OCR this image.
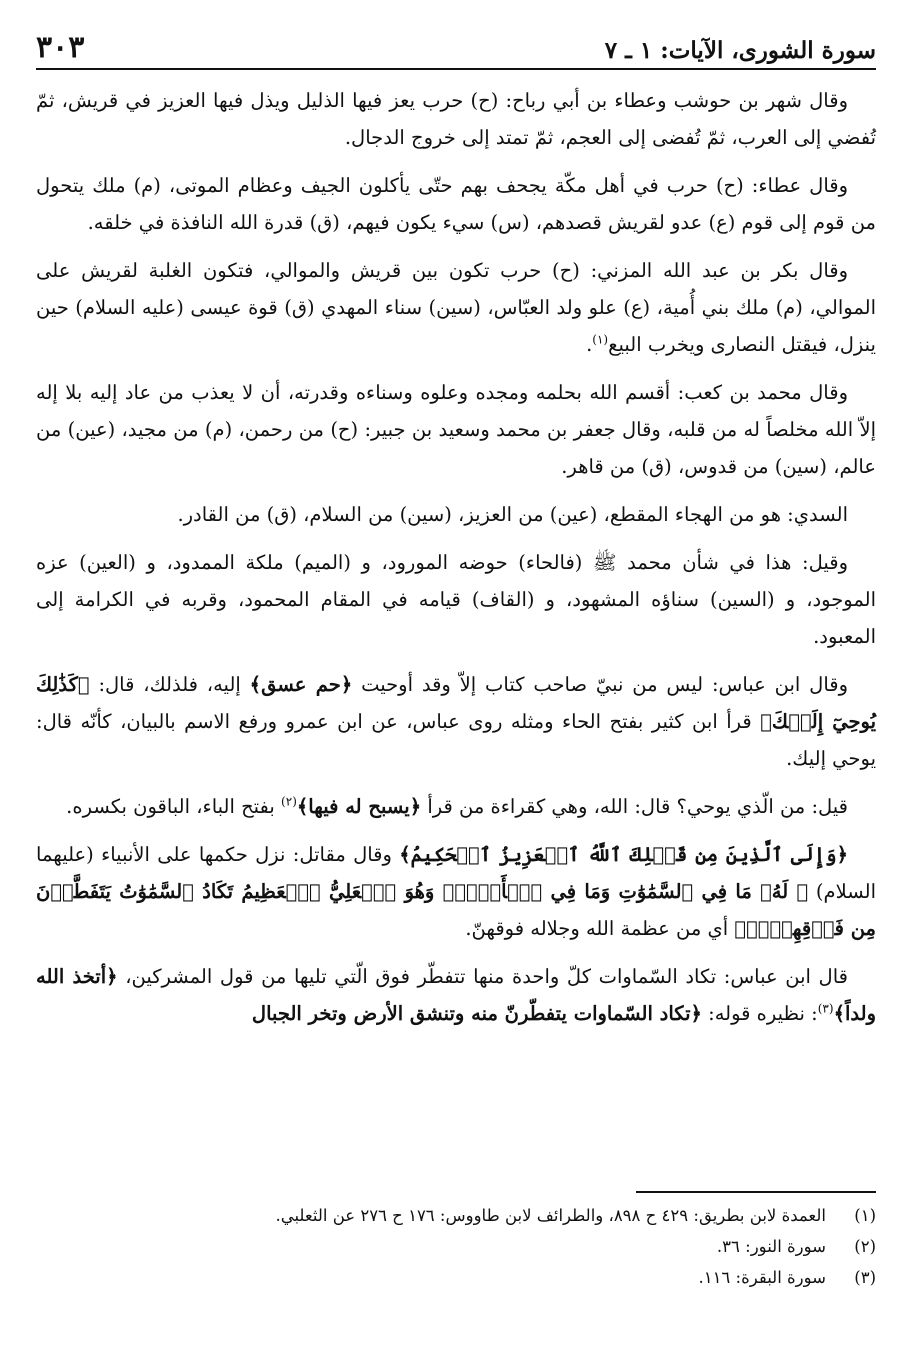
سورة الشورى، الآيات: ١ ـ ٧
٣٠٣

وقال شهر بن حوشب وعطاء بن أبي رباح: (ح) حرب يعز فيها الذليل ويذل فيها العزيز في قريش، ثمّ تُفضي إلى العرب، ثمّ تُفضى إلى العجم، ثمّ تمتد إلى خروج الدجال.

وقال عطاء: (ح) حرب في أهل مكّة يجحف بهم حتّى يأكلون الجيف وعظام الموتى، (م) ملك يتحول من قوم إلى قوم (ع) عدو لقريش قصدهم، (س) سيء يكون فيهم، (ق) قدرة الله النافذة في خلقه.

وقال بكر بن عبد الله المزني: (ح) حرب تكون بين قريش والموالي، فتكون الغلبة لقريش على الموالي، (م) ملك بني أُمية، (ع) علو ولد العبّاس، (سين) سناء المهدي (ق) قوة عيسى (عليه السلام) حين ينزل، فيقتل النصارى ويخرب البيع$^{(١)}$.

وقال محمد بن كعب: أقسم الله بحلمه ومجده وعلوه وسناءه وقدرته، أن لا يعذب من عاد إليه بلا إله إلاّ الله مخلصاً له من قلبه، وقال جعفر بن محمد وسعيد بن جبير: (ح) من رحمن، (م) من مجيد، (عين) من عالم، (سين) من قدوس، (ق) من قاهر.

السدي: هو من الهجاء المقطع، (عين) من العزيز، (سين) من السلام، (ق) من القادر.

وقيل: هذا في شأن محمد ﷺ (فالحاء) حوضه المورود، و (الميم) ملكة الممدود، و (العين) عزه الموجود، و (السين) سناؤه المشهود، و (القاف) قيامه في المقام المحمود، وقربه في الكرامة إلى المعبود.

وقال ابن عباس: ليس من نبيّ صاحب كتاب إلاّ وقد أوحيت ﴿حم عسق﴾ إليه، فلذلك، قال: ﴿كَذَٰلِكَ يُوحِيٓ إِلَيۡكَ﴾ قرأ ابن كثير بفتح الحاء ومثله روى عباس، عن ابن عمرو ورفع الاسم بالبيان، كأنّه قال: يوحي إليك.

قيل: من الّذي يوحي؟ قال: الله، وهي كقراءة من قرأ ﴿يسبح له فيها﴾$^{(٢)}$ بفتح الباء، الباقون بكسره.

﴿وَإِلَى ٱلَّذِينَ مِن قَبۡلِكَ ٱللَّهُ ٱلۡعَزِيزُ ٱلۡحَكِيمُ﴾ وقال مقاتل: نزل حكمها على الأنبياء (عليهما السلام) ﴿ لَهُۥ مَا فِي ٱلسَّمَٰوَٰتِ وَمَا فِي ٱلۡأَرۡضِۖ وَهُوَ ٱلۡعَلِيُّ ٱلۡعَظِيمُ تَكَادُ ٱلسَّمَٰوَٰتُ يَتَفَطَّرۡنَ مِن فَوۡقِهِنَّۚ﴾ أي من عظمة الله وجلاله فوقهنّ.

قال ابن عباس: تكاد السّماوات كلّ واحدة منها تتفطّر فوق الّتي تليها من قول المشركين، ﴿أتخذ الله ولداً﴾$^{(٣)}$: نظيره قوله: ﴿تكاد السّماوات يتفطّرنّ منه وتنشق الأرض وتخر الجبال

(١)
العمدة لابن بطريق: ٤٢٩ ح ٨٩٨، والطرائف لابن طاووس: ١٧٦ ح ٢٧٦ عن الثعلبي.
(٢)
سورة النور: ٣٦.
(٣)
سورة البقرة: ١١٦.
